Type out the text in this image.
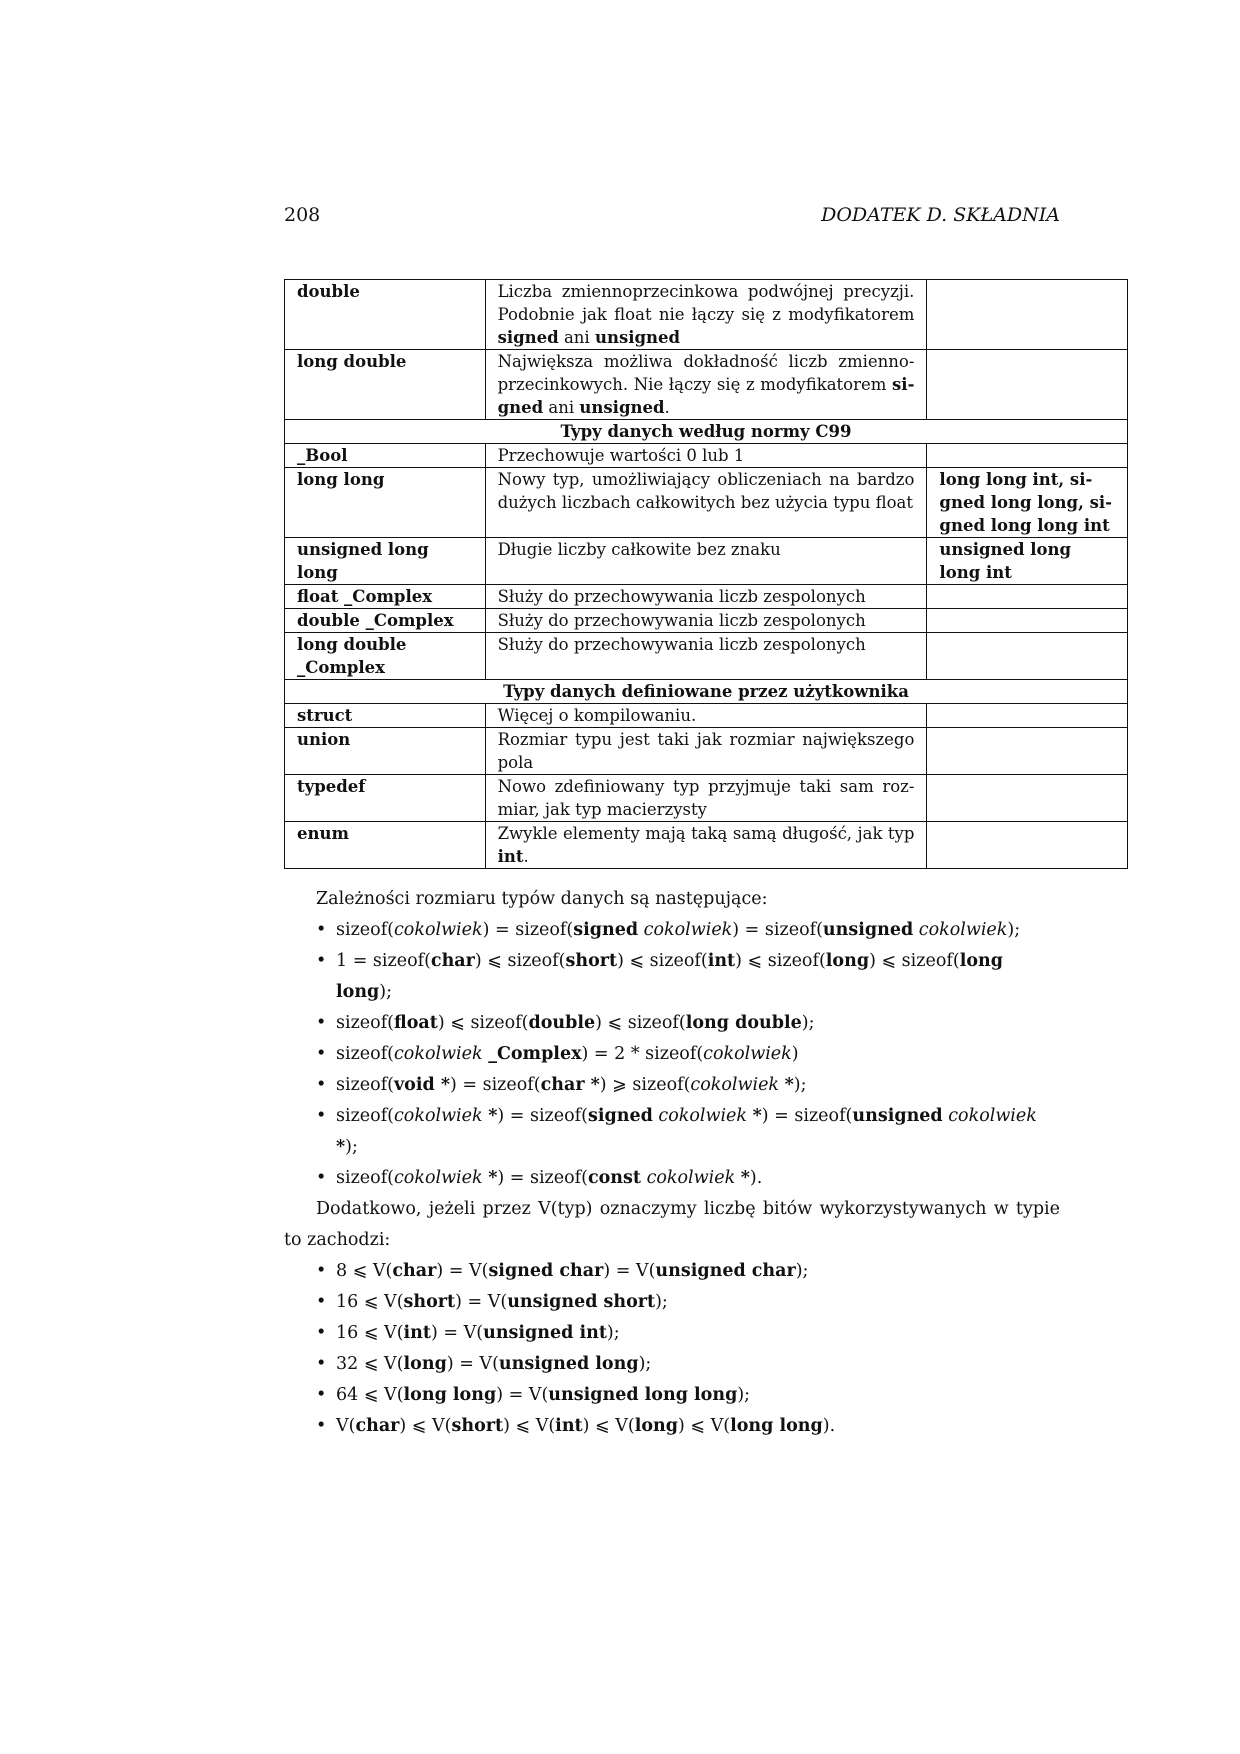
208	DODATEK D. SKŁADNIA
double	Liczba zmiennoprzecinkowa podwójnej precyzji. Podobnie jak float nie łączy się z modyfikatorem signed ani unsigned	
long double	Największa możliwa dokładność liczb zmienno- przecinkowych. Nie łączy się z modyfikatorem si- gned ani unsigned.	
Typy danych według normy C99		
_Bool	Przechowuje wartości 0 lub 1	
long long	Nowy typ, umożliwiający obliczeniach na bardzo dużych liczbach całkowitych bez użycia typu float	long long int, si- gned long long, si- gned long long int
unsigned long long	Długie liczby całkowite bez znaku	unsigned long long int
float _Complex	Służy do przechowywania liczb zespolonych	
double _Complex	Służy do przechowywania liczb zespolonych	
long double _Complex	Służy do przechowywania liczb zespolonych	
Typy danych definiowane przez użytkownika		
struct	Więcej o kompilowaniu.	
union	Rozmiar typu jest taki jak rozmiar największego pola	
typedef	Nowo zdefiniowany typ przyjmuje taki sam roz- miar, jak typ macierzysty	
enum	Zwykle elementy mają taką samą długość, jak typ int.	

Zależności rozmiaru typów danych są następujące:

• sizeof(cokolwiek) = sizeof(signed cokolwiek) = sizeof(unsigned cokolwiek);
• 1 = sizeof(char) ⩽ sizeof(short) ⩽ sizeof(int) ⩽ sizeof(long) ⩽ sizeof(long long);
• sizeof(float) ⩽ sizeof(double) ⩽ sizeof(long double);
• sizeof(cokolwiek _Complex) = 2 * sizeof(cokolwiek)
• sizeof(void *) = sizeof(char *) ⩾ sizeof(cokolwiek *);
• sizeof(cokolwiek *) = sizeof(signed cokolwiek *) = sizeof(unsigned cokolwiek *);
• sizeof(cokolwiek *) = sizeof(const cokolwiek *).

Dodatkowo, jeżeli przez V(typ) oznaczymy liczbę bitów wykorzystywanych w typie to zachodzi:

• 8 ⩽ V(char) = V(signed char) = V(unsigned char);
• 16 ⩽ V(short) = V(unsigned short);
• 16 ⩽ V(int) = V(unsigned int);
• 32 ⩽ V(long) = V(unsigned long);
• 64 ⩽ V(long long) = V(unsigned long long);
• V(char) ⩽ V(short) ⩽ V(int) ⩽ V(long) ⩽ V(long long).
